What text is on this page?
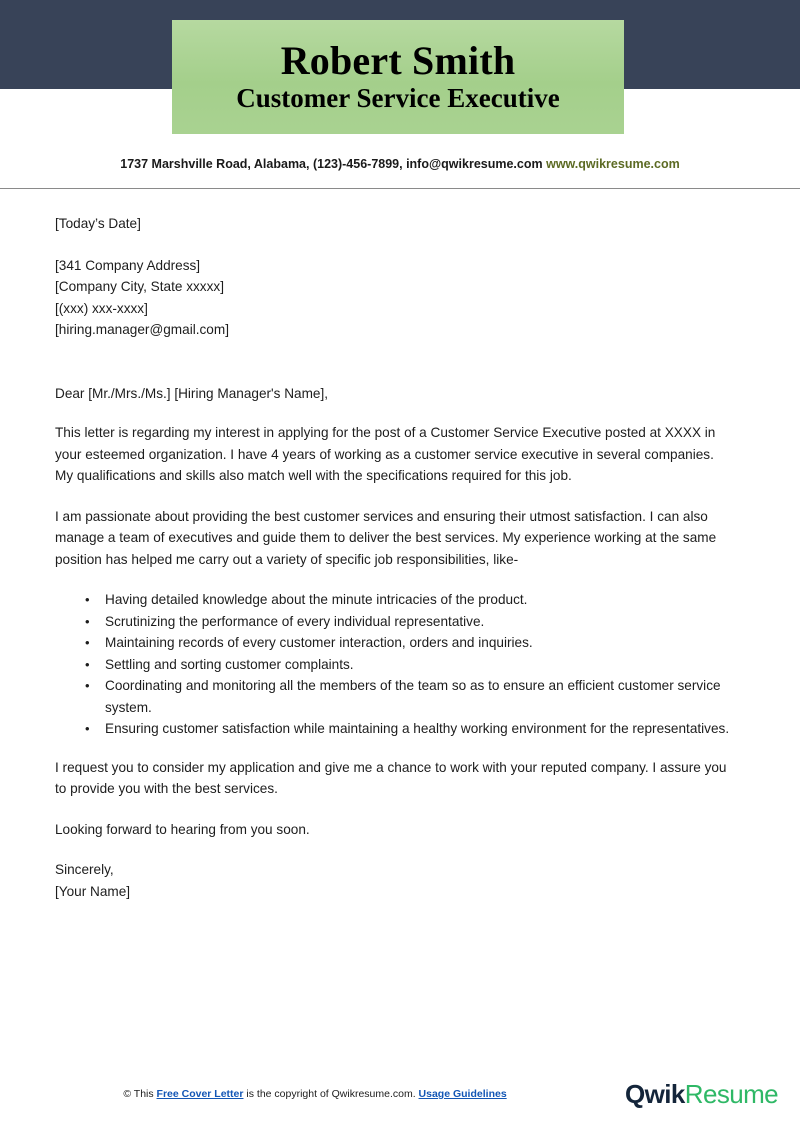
Robert Smith
Customer Service Executive
1737 Marshville Road, Alabama, (123)-456-7899, info@qwikresume.com www.qwikresume.com

[Today’s Date]

[341 Company Address]

[Company City, State xxxxx]

[(xxx) xxx-xxxx]

[hiring.manager@gmail.com]

Dear [Mr./Mrs./Ms.] [Hiring Manager's Name],

This letter is regarding my interest in applying for the post of a Customer Service Executive posted at XXXX in your esteemed organization. I have 4 years of working as a customer service executive in several companies. My qualifications and skills also match well with the specifications required for this job.

I am passionate about providing the best customer services and ensuring their utmost satisfaction. I can also manage a team of executives and guide them to deliver the best services. My experience working at the same position has helped me carry out a variety of specific job responsibilities, like-

• Having detailed knowledge about the minute intricacies of the product.
• Scrutinizing the performance of every individual representative.
• Maintaining records of every customer interaction, orders and inquiries.
• Settling and sorting customer complaints.
• Coordinating and monitoring all the members of the team so as to ensure an efficient customer service system.
• Ensuring customer satisfaction while maintaining a healthy working environment for the representatives.

I request you to consider my application and give me a chance to work with your reputed company. I assure you to provide you with the best services.

Looking forward to hearing from you soon.

Sincerely,

[Your Name]

© This Free Cover Letter is the copyright of Qwikresume.com. Usage Guidelines	QwikResume
